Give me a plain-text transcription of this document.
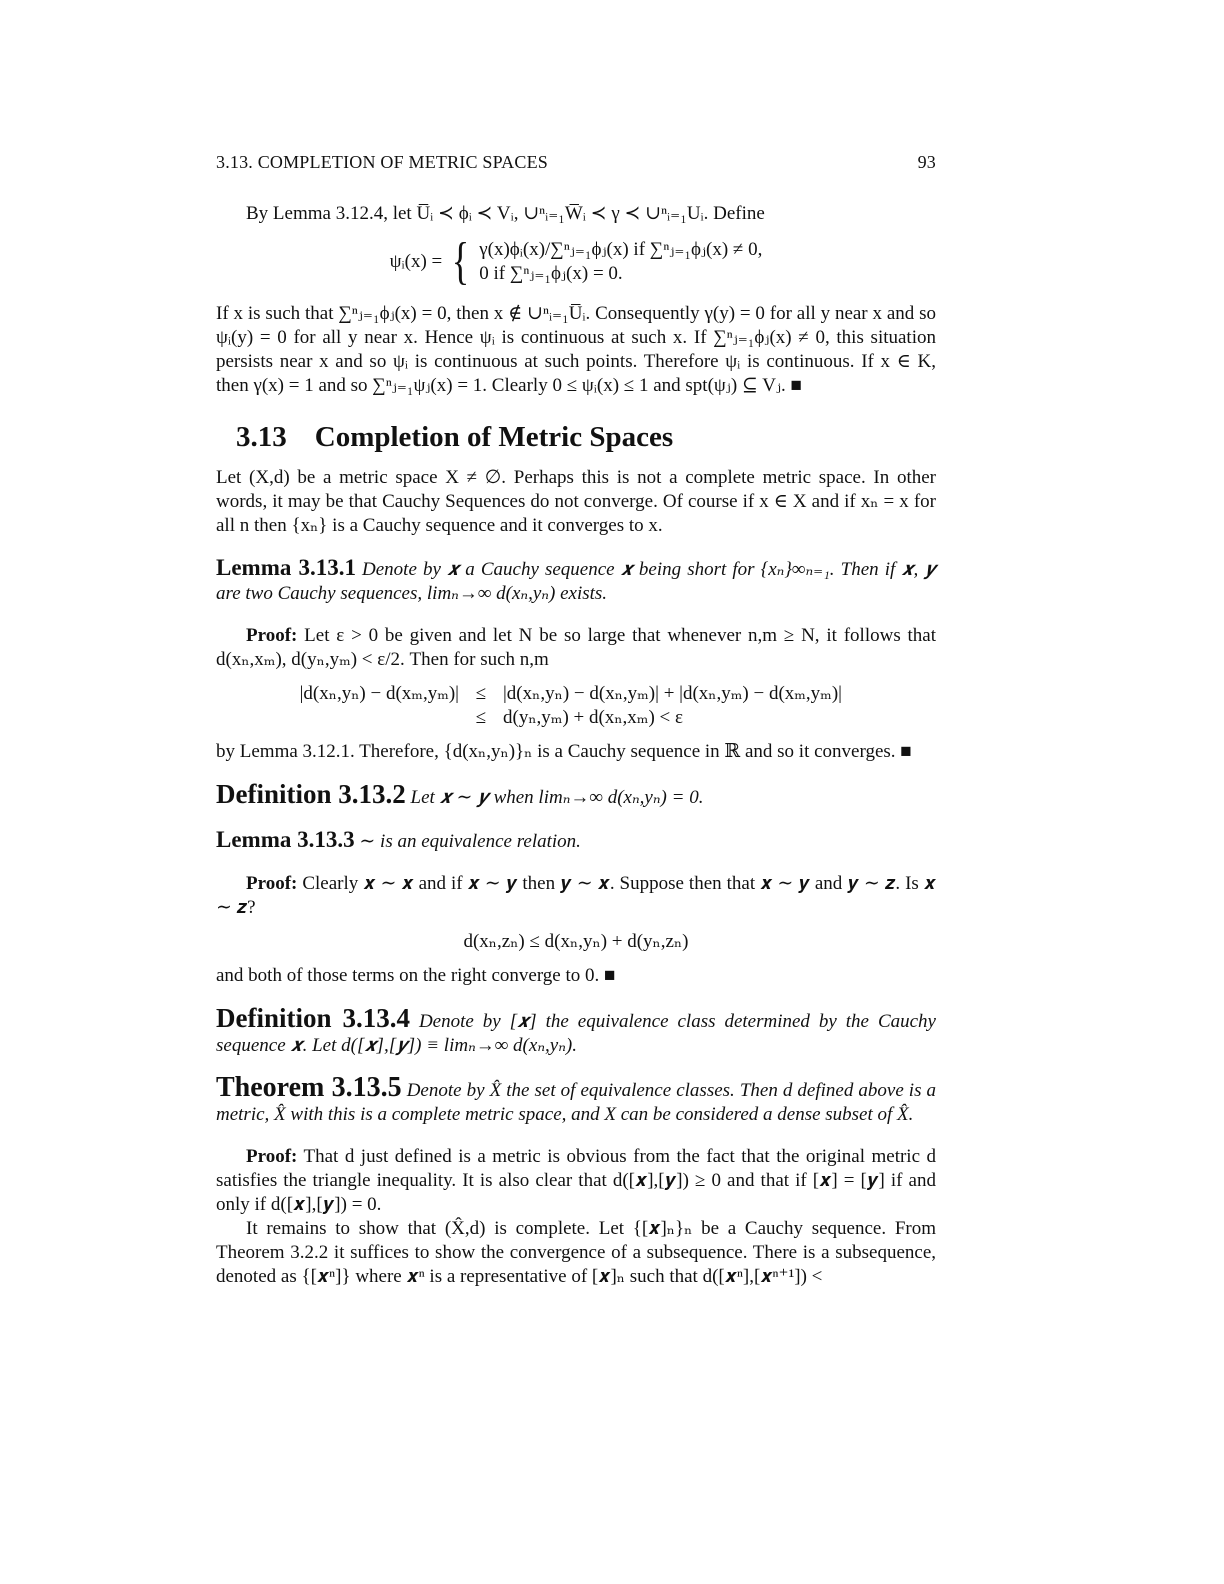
3.13. COMPLETION OF METRIC SPACES	93

By Lemma 3.12.4, let U̅ᵢ ≺ ϕᵢ ≺ Vᵢ, ∪ⁿᵢ₌₁W̅ᵢ ≺ γ ≺ ∪ⁿᵢ₌₁Uᵢ. Define

ψᵢ(x) = { γ(x)ϕᵢ(x)/∑ⁿⱼ₌₁ϕⱼ(x) if ∑ⁿⱼ₌₁ϕⱼ(x) ≠ 0,
0 if ∑ⁿⱼ₌₁ϕⱼ(x) = 0.

If x is such that ∑ⁿⱼ₌₁ϕⱼ(x) = 0, then x ∉ ∪ⁿᵢ₌₁U̅ᵢ. Consequently γ(y) = 0 for all y near x and so ψᵢ(y) = 0 for all y near x. Hence ψᵢ is continuous at such x. If ∑ⁿⱼ₌₁ϕⱼ(x) ≠ 0, this situation persists near x and so ψᵢ is continuous at such points. Therefore ψᵢ is continuous. If x ∈ K, then γ(x) = 1 and so ∑ⁿⱼ₌₁ψⱼ(x) = 1. Clearly 0 ≤ ψᵢ(x) ≤ 1 and spt(ψⱼ) ⊆ Vⱼ. ■

3.13 Completion of Metric Spaces

Let (X,d) be a metric space X ≠ ∅. Perhaps this is not a complete metric space. In other words, it may be that Cauchy Sequences do not converge. Of course if x ∈ X and if xₙ = x for all n then {xₙ} is a Cauchy sequence and it converges to x.

Lemma 3.13.1 Denote by 𝒙 a Cauchy sequence 𝒙 being short for {xₙ}∞ₙ₌₁. Then if 𝒙, 𝒚 are two Cauchy sequences, limₙ→∞ d(xₙ,yₙ) exists.

Proof: Let ε > 0 be given and let N be so large that whenever n,m ≥ N, it follows that d(xₙ,xₘ), d(yₙ,yₘ) < ε/2. Then for such n,m

|d(xₙ,yₙ) − d(xₘ,yₘ)| ≤ |d(xₙ,yₙ) − d(xₙ,yₘ)| + |d(xₙ,yₘ) − d(xₘ,yₘ)|
≤ d(yₙ,yₘ) + d(xₙ,xₘ) < ε

by Lemma 3.12.1. Therefore, {d(xₙ,yₙ)}ₙ is a Cauchy sequence in ℝ and so it converges. ■

Definition 3.13.2 Let 𝒙 ∼ 𝒚 when limₙ→∞ d(xₙ,yₙ) = 0.

Lemma 3.13.3 ∼ is an equivalence relation.

Proof: Clearly 𝒙 ∼ 𝒙 and if 𝒙 ∼ 𝒚 then 𝒚 ∼ 𝒙. Suppose then that 𝒙 ∼ 𝒚 and 𝒚 ∼ 𝒛. Is 𝒙 ∼ 𝒛?

d(xₙ,zₙ) ≤ d(xₙ,yₙ) + d(yₙ,zₙ)

and both of those terms on the right converge to 0. ■

Definition 3.13.4 Denote by [𝒙] the equivalence class determined by the Cauchy sequence 𝒙. Let d([𝒙],[𝒚]) ≡ limₙ→∞ d(xₙ,yₙ).

Theorem 3.13.5 Denote by X̂ the set of equivalence classes. Then d defined above is a metric, X̂ with this is a complete metric space, and X can be considered a dense subset of X̂.

Proof: That d just defined is a metric is obvious from the fact that the original metric d satisfies the triangle inequality. It is also clear that d([𝒙],[𝒚]) ≥ 0 and that if [𝒙] = [𝒚] if and only if d([𝒙],[𝒚]) = 0.

It remains to show that (X̂,d) is complete. Let {[𝒙]ₙ}ₙ be a Cauchy sequence. From Theorem 3.2.2 it suffices to show the convergence of a subsequence. There is a subsequence, denoted as {[𝒙ⁿ]} where 𝒙ⁿ is a representative of [𝒙]ₙ such that d([𝒙ⁿ],[𝒙ⁿ⁺¹]) <
